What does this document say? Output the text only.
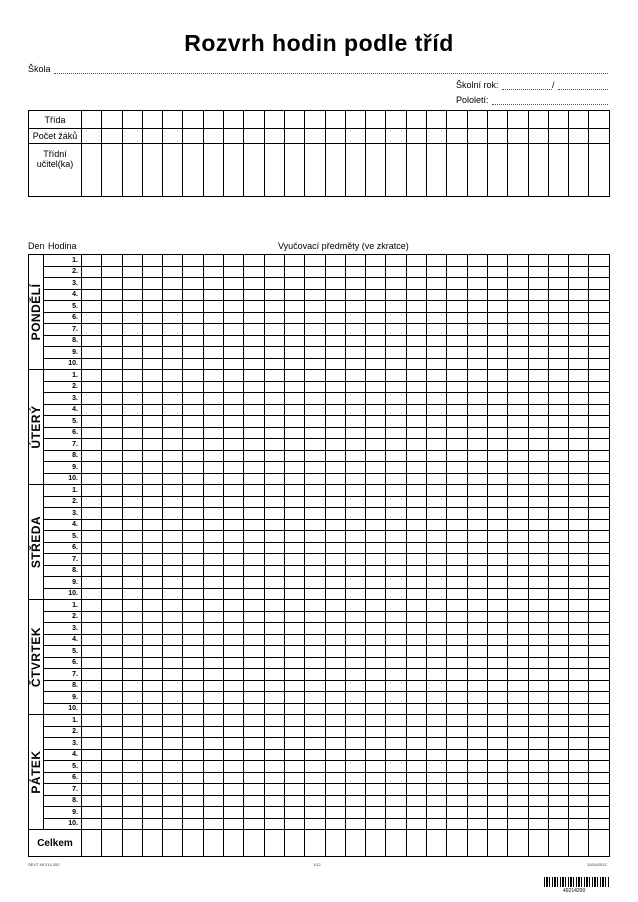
Rozvrh hodin podle tříd
Škola
Školní rok:	/
Pololetí:
Třída																										
Počet žáků																										
Třídní učitel(ka)																										
Den Hodina	Vyučovací předměty (ve zkratce)
PONDĚLÍ	1.																										
	2.																										
	3.																										
	4.																										
	5.																										
	6.																										
	7.																										
	8.																										
	9.																										
	10.																										

ÚTERÝ	1.																										
	2.																										
	3.																										
	4.																										
	5.																										
	6.																										
	7.																										
	8.																										
	9.																										
	10.																										

STŘEDA	1.																										
	2.																										
	3.																										
	4.																										
	5.																										
	6.																										
	7.																										
	8.																										
	9.																										
	10.																										

ČTVRTEK	1.																										
	2.																										
	3.																										
	4.																										
	5.																										
	6.																										
	7.																										
	8.																										
	9.																										
	10.																										

PÁTEK	1.																										
	2.																										
	3.																										
	4.																										
	5.																										
	6.																										
	7.																										
	8.																										
	9.																										
	10.																										
Celkem																											
SEVT 49 214 200	1/12	11/04/2012
49214200
